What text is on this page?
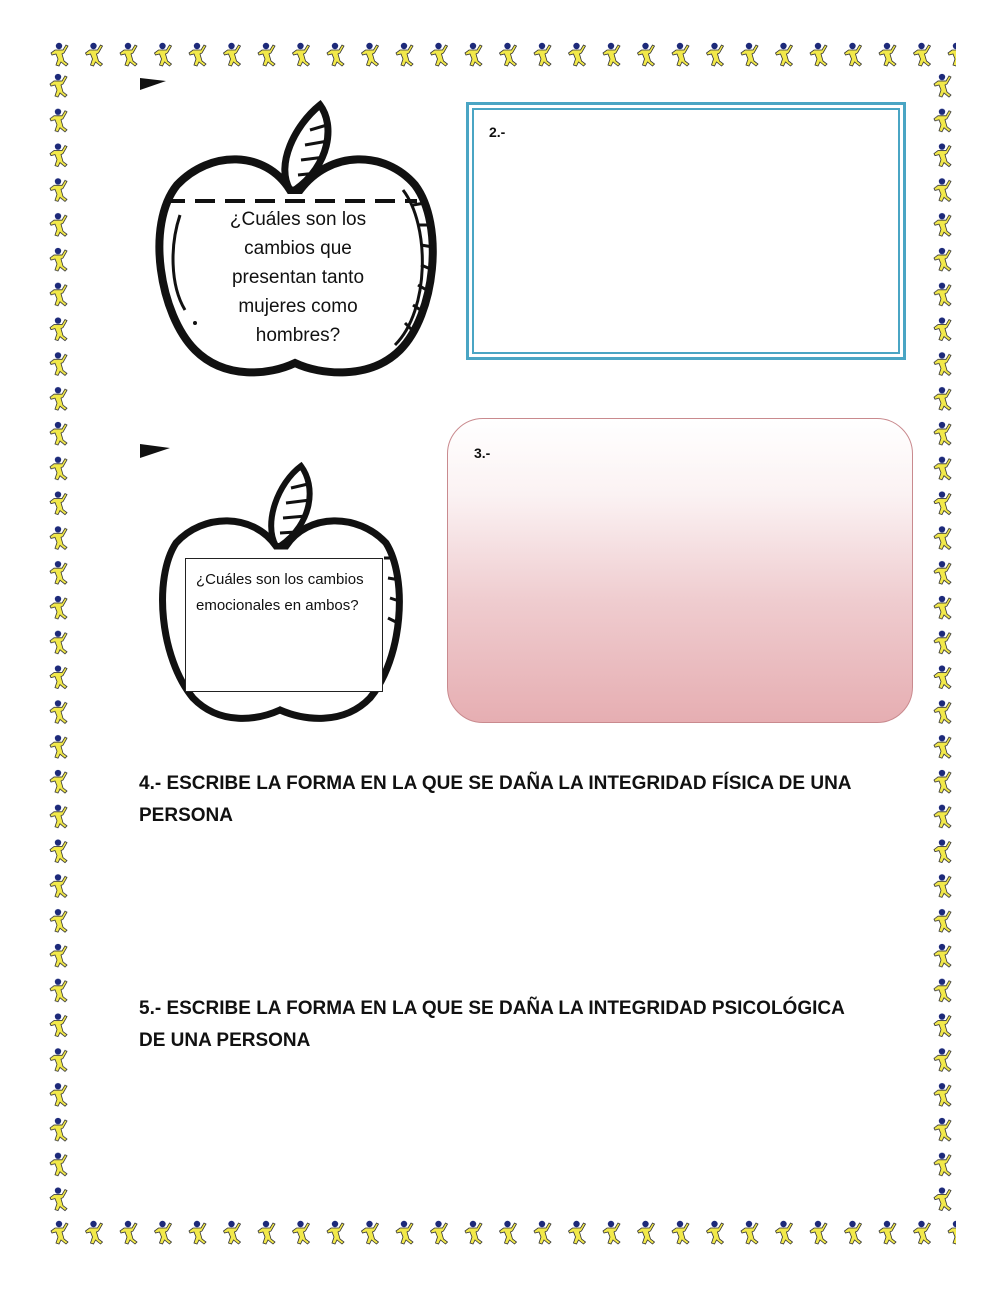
¿Cuáles son los cambios que presentan tanto mujeres como hombres?
2.-
¿Cuáles son los cambios emocionales en ambos?
3.-
4.- ESCRIBE LA FORMA EN LA QUE SE DAÑA LA INTEGRIDAD FÍSICA DE UNA PERSONA
5.- ESCRIBE LA FORMA EN LA QUE SE DAÑA LA INTEGRIDAD PSICOLÓGICA DE UNA PERSONA
